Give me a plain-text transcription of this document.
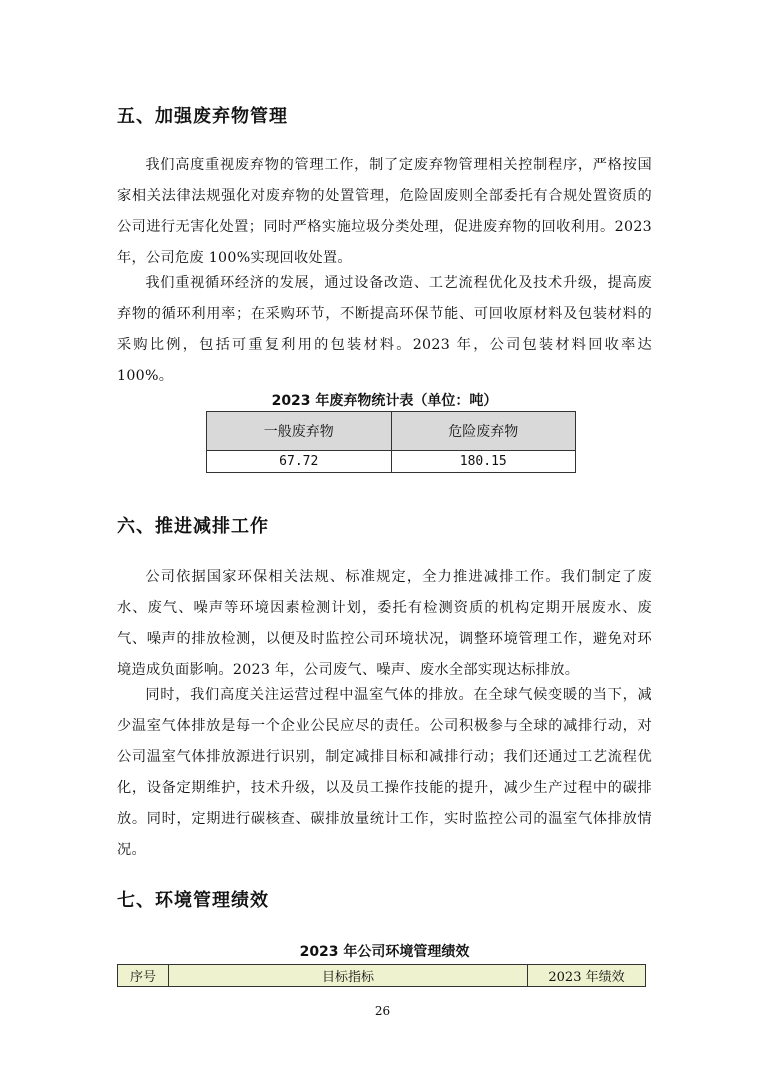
五、加强废弃物管理

我们高度重视废弃物的管理工作，制了定废弃物管理相关控制程序，严格按国家相关法律法规强化对废弃物的处置管理，危险固废则全部委托有合规处置资质的公司进行无害化处置；同时严格实施垃圾分类处理，促进废弃物的回收利用。2023 年，公司危废 100%实现回收处置。

我们重视循环经济的发展，通过设备改造、工艺流程优化及技术升级，提高废弃物的循环利用率；在采购环节，不断提高环保节能、可回收原材料及包装材料的采购比例，包括可重复利用的包装材料。2023 年，公司包装材料回收率达 100%。

2023 年废弃物统计表（单位：吨）
一般废弃物	危险废弃物
67.72	180.15
六、推进减排工作

公司依据国家环保相关法规、标准规定，全力推进减排工作。我们制定了废水、废气、噪声等环境因素检测计划，委托有检测资质的机构定期开展废水、废气、噪声的排放检测，以便及时监控公司环境状况，调整环境管理工作，避免对环境造成负面影响。2023 年，公司废气、噪声、废水全部实现达标排放。

同时，我们高度关注运营过程中温室气体的排放。在全球气候变暖的当下，减少温室气体排放是每一个企业公民应尽的责任。公司积极参与全球的减排行动，对公司温室气体排放源进行识别，制定减排目标和减排行动；我们还通过工艺流程优化，设备定期维护，技术升级，以及员工操作技能的提升，减少生产过程中的碳排放。同时，定期进行碳核查、碳排放量统计工作，实时监控公司的温室气体排放情况。

七、环境管理绩效
2023 年公司环境管理绩效
序号	目标指标	2023 年绩效
26
